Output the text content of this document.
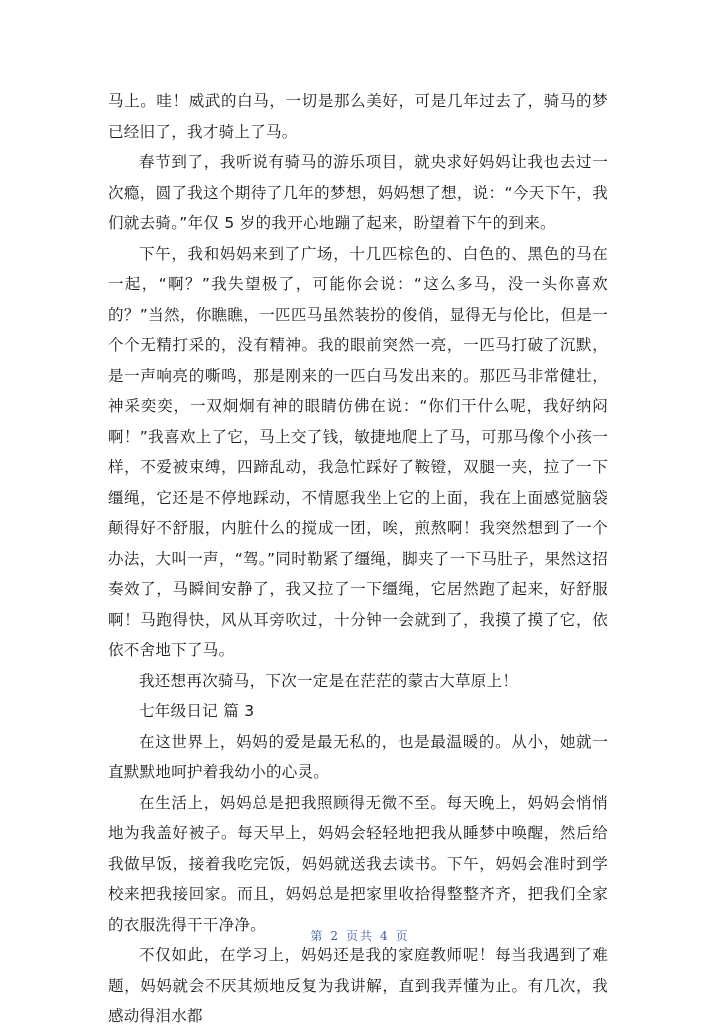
马上。哇！威武的白马，一切是那么美好，可是几年过去了，骑马的梦已经旧了，我才骑上了马。

春节到了，我听说有骑马的游乐项目，就央求好妈妈让我也去过一次瘾，圆了我这个期待了几年的梦想，妈妈想了想，说：“今天下午，我们就去骑。”年仅 5 岁的我开心地蹦了起来，盼望着下午的到来。

下午，我和妈妈来到了广场，十几匹棕色的、白色的、黑色的马在一起，“啊？”我失望极了，可能你会说：“这么多马，没一头你喜欢的？”当然，你瞧瞧，一匹匹马虽然装扮的俊俏，显得无与伦比，但是一个个无精打采的，没有精神。我的眼前突然一亮，一匹马打破了沉默，是一声响亮的嘶鸣，那是刚来的一匹白马发出来的。那匹马非常健壮，神采奕奕，一双炯炯有神的眼睛仿佛在说：“你们干什么呢，我好纳闷啊！”我喜欢上了它，马上交了钱，敏捷地爬上了马，可那马像个小孩一样，不爱被束缚，四蹄乱动，我急忙踩好了鞍镫，双腿一夹，拉了一下缰绳，它还是不停地踩动，不情愿我坐上它的上面，我在上面感觉脑袋颠得好不舒服，内脏什么的搅成一团，唉，煎熬啊！我突然想到了一个办法，大叫一声，“驾。”同时勒紧了缰绳，脚夹了一下马肚子，果然这招奏效了，马瞬间安静了，我又拉了一下缰绳，它居然跑了起来，好舒服啊！马跑得快，风从耳旁吹过，十分钟一会就到了，我摸了摸了它，依依不舍地下了马。

我还想再次骑马，下次一定是在茫茫的蒙古大草原上！

七年级日记 篇 3

在这世界上，妈妈的爱是最无私的，也是最温暖的。从小，她就一直默默地呵护着我幼小的心灵。

在生活上，妈妈总是把我照顾得无微不至。每天晚上，妈妈会悄悄地为我盖好被子。每天早上，妈妈会轻轻地把我从睡梦中唤醒，然后给我做早饭，接着我吃完饭，妈妈就送我去读书。下午，妈妈会准时到学校来把我接回家。而且，妈妈总是把家里收拾得整整齐齐，把我们全家的衣服洗得干干净净。

不仅如此，在学习上，妈妈还是我的家庭教师呢！每当我遇到了难题，妈妈就会不厌其烦地反复为我讲解，直到我弄懂为止。有几次，我感动得泪水都

第 2 页共 4 页
